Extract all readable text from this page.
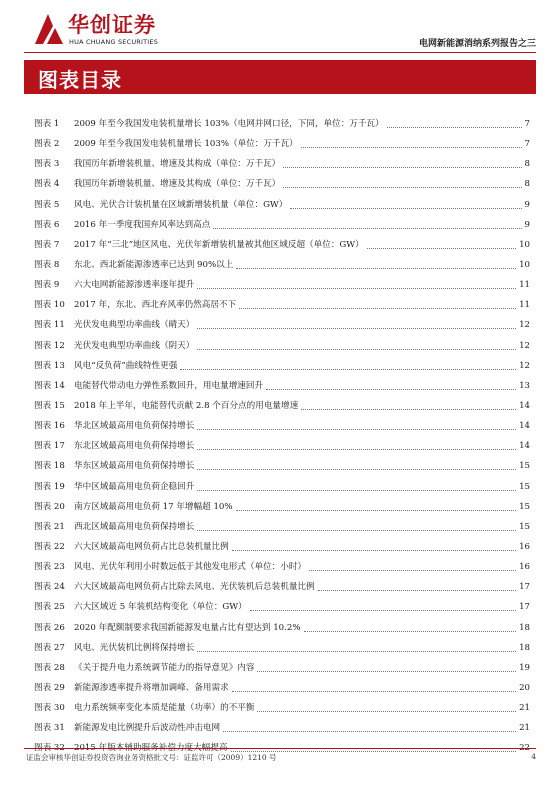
华创证券
HUA CHUANG SECURITIES	电网新能源消纳系列报告之三
图表目录
图表 1	2009 年至今我国发电装机量增长 103%（电网并网口径，下同，单位：万千瓦）	7
图表 2	2009 年至今我国发电装机量增长 103%（单位：万千瓦）	7
图表 3	我国历年新增装机量、增速及其构成（单位：万千瓦）	8
图表 4	我国历年新增装机量、增速及其构成（单位：万千瓦）	8
图表 5	风电、光伏合计装机量在区域新增装机量（单位：GW）	9
图表 6	2016 年一季度我国弃风率达到高点	9
图表 7	2017 年“三北”地区风电、光伏年新增装机量被其他区域反超（单位：GW）	10
图表 8	东北、西北新能源渗透率已达到 90%以上	10
图表 9	六大电网新能源渗透率逐年提升	11
图表 10	2017 年，东北、西北弃风率仍然高居不下	11
图表 11	光伏发电典型功率曲线（晴天）	12
图表 12	光伏发电典型功率曲线（阴天）	12
图表 13	风电“反负荷”曲线特性更强	12
图表 14	电能替代带动电力弹性系数回升，用电量增速回升	13
图表 15	2018 年上半年，电能替代贡献 2.8 个百分点的用电量增速	14
图表 16	华北区域最高用电负荷保持增长	14
图表 17	东北区域最高用电负荷保持增长	14
图表 18	华东区域最高用电负荷保持增长	15
图表 19	华中区域最高用电负荷企稳回升	15
图表 20	南方区域最高用电负荷 17 年增幅超 10%	15
图表 21	西北区域最高用电负荷保持增长	15
图表 22	六大区域最高电网负荷占比总装机量比例	16
图表 23	风电、光伏年利用小时数远低于其他发电形式（单位：小时）	16
图表 24	六大区域最高电网负荷占比除去风电、光伏装机后总装机量比例	17
图表 25	六大区域近 5 年装机结构变化（单位：GW）	17
图表 26	2020 年配额制要求我国新能源发电量占比有望达到 10.2%	18
图表 27	风电、光伏装机比例将保持增长	18
图表 28	《关于提升电力系统调节能力的指导意见》内容	19
图表 29	新能源渗透率提升将增加调峰、备用需求	20
图表 30	电力系统频率变化本质是能量（功率）的不平衡	21
图表 31	新能源发电比例提升后波动性冲击电网	21
图表 32	2015 年版本辅助服务补偿力度大幅提高	22
证监会审核华创证券投资咨询业务资格批文号：证监许可（2009）1210 号	4
